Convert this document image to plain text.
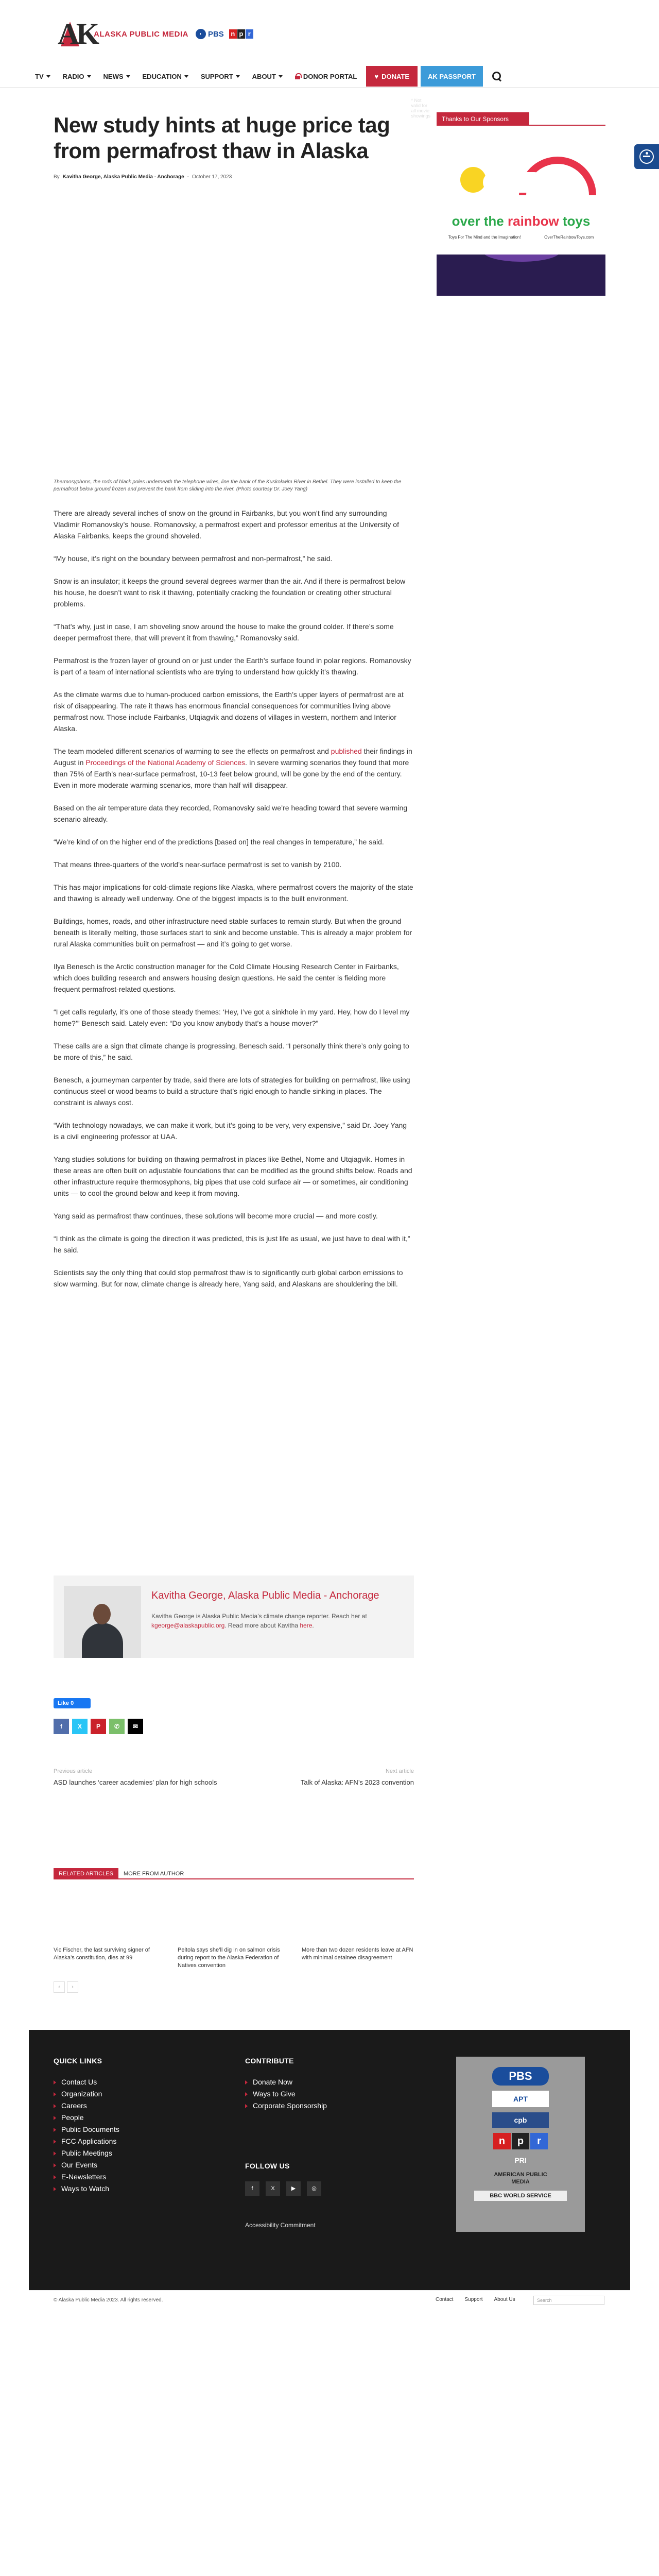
AK
ALASKA PUBLIC MEDIA	◐ PBS n p r
TV	RADIO	NEWS	EDUCATION	SUPPORT	ABOUT	DONOR PORTAL	♥ DONATE	AK PASSPORT
New study hints at huge price tag from permafrost thaw in Alaska
By Kavitha George, Alaska Public Media - Anchorage - October 17, 2023

Thermosyphons, the rods of black poles underneath the telephone wires, line the bank of the Kuskokwim River in Bethel. They were installed to keep the permafrost below ground frozen and prevent the bank from sliding into the river. (Photo courtesy Dr. Joey Yang)

There are already several inches of snow on the ground in Fairbanks, but you won’t find any surrounding Vladimir Romanovsky’s house. Romanovsky, a permafrost expert and professor emeritus at the University of Alaska Fairbanks, keeps the ground shoveled.

“My house, it’s right on the boundary between permafrost and non-permafrost,” he said.

Snow is an insulator; it keeps the ground several degrees warmer than the air. And if there is permafrost below his house, he doesn’t want to risk it thawing, potentially cracking the foundation or creating other structural problems.

“That’s why, just in case, I am shoveling snow around the house to make the ground colder. If there’s some deeper permafrost there, that will prevent it from thawing,” Romanovsky said.

Permafrost is the frozen layer of ground on or just under the Earth’s surface found in polar regions. Romanovsky is part of a team of international scientists who are trying to understand how quickly it’s thawing.

As the climate warms due to human-produced carbon emissions, the Earth’s upper layers of permafrost are at risk of disappearing. The rate it thaws has enormous financial consequences for communities living above permafrost now. Those include Fairbanks, Utqiagvik and dozens of villages in western, northern and Interior Alaska.

The team modeled different scenarios of warming to see the effects on permafrost and published their findings in August in Proceedings of the National Academy of Sciences. In severe warming scenarios they found that more than 75% of Earth’s near-surface permafrost, 10-13 feet below ground, will be gone by the end of the century. Even in more moderate warming scenarios, more than half will disappear.

Based on the air temperature data they recorded, Romanovsky said we’re heading toward that severe warming scenario already.

“We’re kind of on the higher end of the predictions [based on] the real changes in temperature,” he said.

That means three-quarters of the world’s near-surface permafrost is set to vanish by 2100.

This has major implications for cold-climate regions like Alaska, where permafrost covers the majority of the state and thawing is already well underway. One of the biggest impacts is to the built environment.

Buildings, homes, roads, and other infrastructure need stable surfaces to remain sturdy. But when the ground beneath is literally melting, those surfaces start to sink and become unstable. This is already a major problem for rural Alaska communities built on permafrost — and it’s going to get worse.

Ilya Benesch is the Arctic construction manager for the Cold Climate Housing Research Center in Fairbanks, which does building research and answers housing design questions. He said the center is fielding more frequent permafrost-related questions.

“I get calls regularly, it’s one of those steady themes: ‘Hey, I’ve got a sinkhole in my yard. Hey, how do I level my home?’” Benesch said. Lately even: “Do you know anybody that’s a house mover?”

These calls are a sign that climate change is progressing, Benesch said. “I personally think there’s only going to be more of this,” he said.

Benesch, a journeyman carpenter by trade, said there are lots of strategies for building on permafrost, like using continuous steel or wood beams to build a structure that’s rigid enough to handle sinking in places. The constraint is always cost.

“With technology nowadays, we can make it work, but it’s going to be very, very expensive,” said Dr. Joey Yang is a civil engineering professor at UAA.

Yang studies solutions for building on thawing permafrost in places like Bethel, Nome and Utqiagvik. Homes in these areas are often built on adjustable foundations that can be modified as the ground shifts below. Roads and other infrastructure require thermosyphons, big pipes that use cold surface air — or sometimes, air conditioning units — to cool the ground below and keep it from moving.

Yang said as permafrost thaw continues, these solutions will become more crucial — and more costly.

“I think as the climate is going the direction it was predicted, this is just life as usual, we just have to deal with it,” he said.

Scientists say the only thing that could stop permafrost thaw is to significantly curb global carbon emissions to slow warming. But for now, climate change is already here, Yang said, and Alaskans are shouldering the bill.

Kavitha George, Alaska Public Media - Anchorage

Kavitha George is Alaska Public Media’s climate change reporter. Reach her at kgeorge@alaskapublic.org. Read more about Kavitha here.

Like 0
f	X	P	✆	✉
Previous article
ASD launches ‘career academies’ plan for high schools
Next article
Talk of Alaska: AFN’s 2023 convention
RELATED ARTICLES	MORE FROM AUTHOR
Vic Fischer, the last surviving signer of Alaska’s constitution, dies at 99
Peltola says she’ll dig in on salmon crisis during report to the Alaska Federation of Natives convention
More than two dozen residents leave at AFN with minimal detainee disagreement
‹	›
Thanks to Our Sponsors
QUICK LINKS
Contact Us
Organization
Careers
People
Public Documents
FCC Applications
Public Meetings
Our Events
E-Newsletters
Ways to Watch
CONTRIBUTE
Donate Now
Ways to Give
Corporate Sponsorship
FOLLOW US
f	X	▶	◎
Accessibility Commitment
PBS
APT
cpb
n	p	r
PRI
AMERICAN PUBLIC MEDIA
BBC WORLD SERVICE
© Alaska Public Media 2023. All rights reserved.	Contact Support About Us	Search
